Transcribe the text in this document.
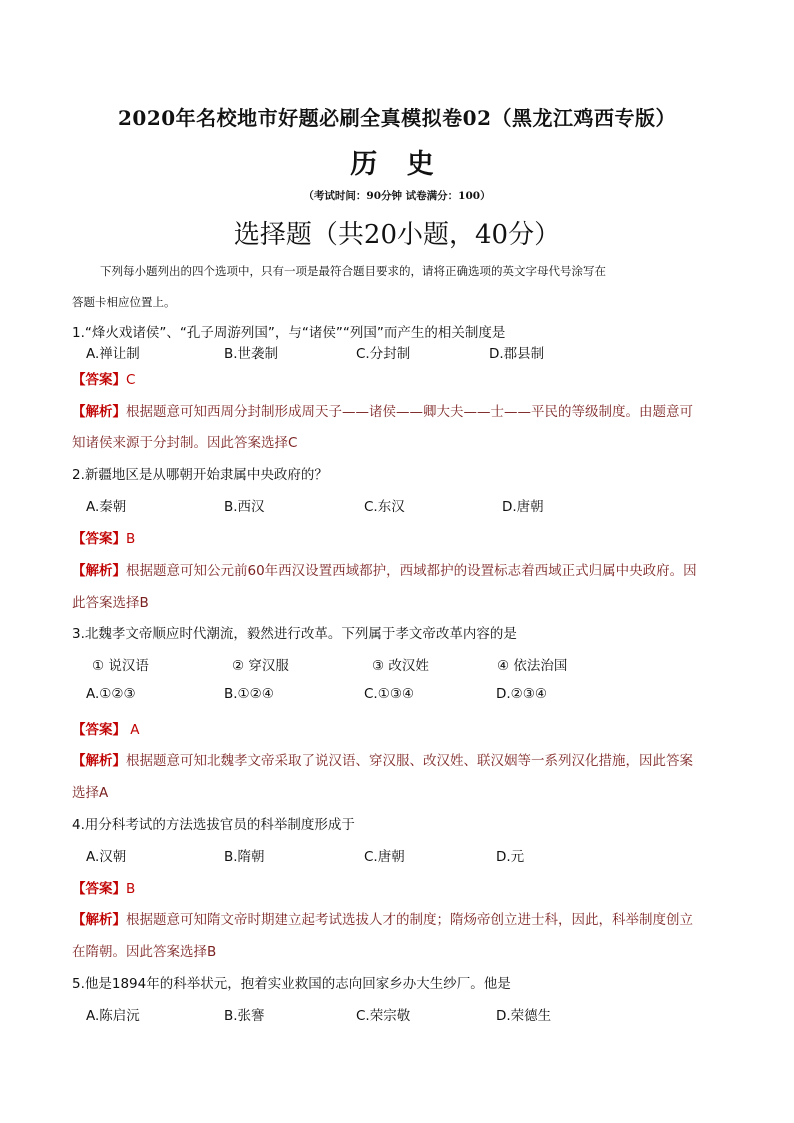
2020年名校地市好题必刷全真模拟卷02（黑龙江鸡西专版）
历 史
（考试时间：90分钟 试卷满分：100）
选择题（共20小题，40分）
下列每小题列出的四个选项中，只有一项是最符合题目要求的，请将正确选项的英文字母代号涂写在
答题卡相应位置上。
1.“烽火戏诸侯”、“孔子周游列国”，与“诸侯”“列国”而产生的相关制度是
A.禅让制	B.世袭制	C.分封制	D.郡县制
【答案】C
【解析】根据题意可知西周分封制形成周天子——诸侯——卿大夫——士——平民的等级制度。由题意可
知诸侯来源于分封制。因此答案选择C
2.新疆地区是从哪朝开始隶属中央政府的？
A.秦朝	B.西汉	C.东汉	D.唐朝
【答案】B
【解析】根据题意可知公元前60年西汉设置西域都护，西域都护的设置标志着西域正式归属中央政府。因
此答案选择B
3.北魏孝文帝顺应时代潮流，毅然进行改革。下列属于孝文帝改革内容的是
① 说汉语	② 穿汉服	③ 改汉姓	④ 依法治国
A.①②③	B.①②④	C.①③④	D.②③④
【答案】 A
【解析】根据题意可知北魏孝文帝采取了说汉语、穿汉服、改汉姓、联汉姻等一系列汉化措施，因此答案
选择A
4.用分科考试的方法选拔官员的科举制度形成于
A.汉朝	B.隋朝	C.唐朝	D.元
【答案】B
【解析】根据题意可知隋文帝时期建立起考试选拔人才的制度；隋炀帝创立进士科，因此，科举制度创立
在隋朝。因此答案选择B
5.他是1894年的科举状元，抱着实业救国的志向回家乡办大生纱厂。他是
A.陈启沅	B.张謇	C.荣宗敬	D.荣德生
